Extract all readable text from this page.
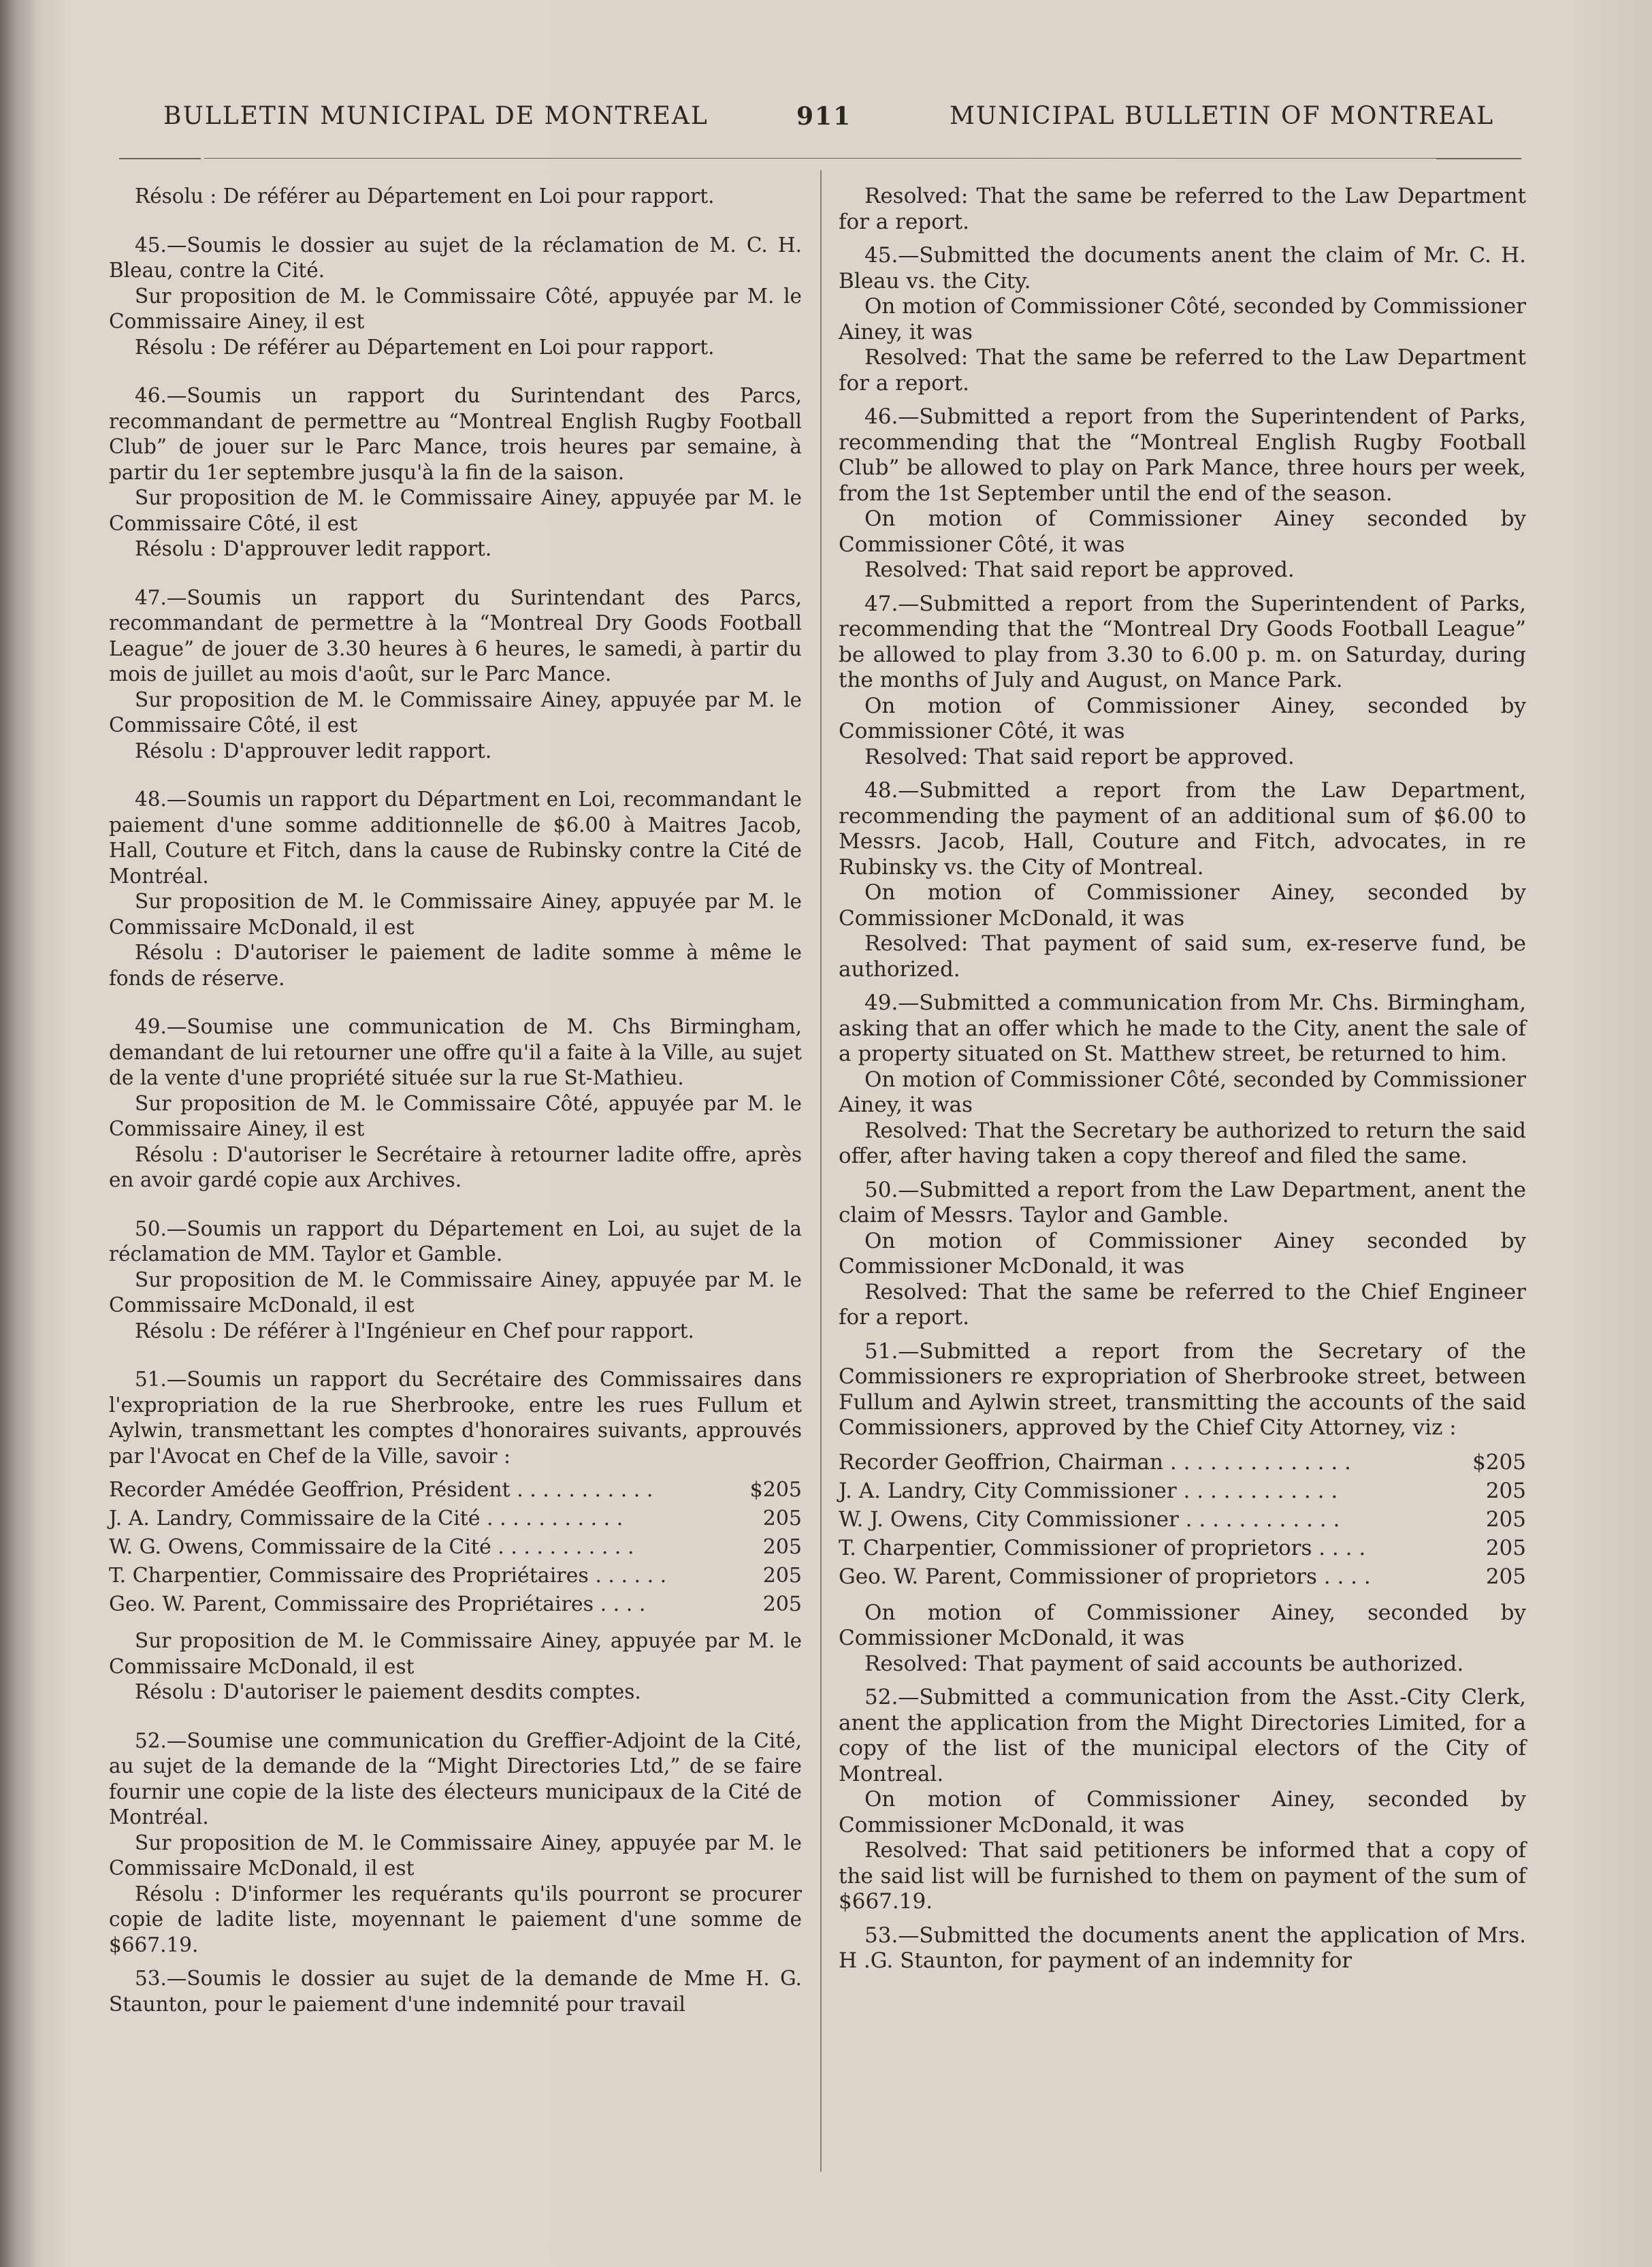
BULLETIN MUNICIPAL DE MONTREAL	911	MUNICIPAL BULLETIN OF MONTREAL

Résolu : De référer au Département en Loi pour rapport.

45.—Soumis le dossier au sujet de la réclamation de M. C. H. Bleau, contre la Cité.

Sur proposition de M. le Commissaire Côté, appuyée par M. le Commissaire Ainey, il est

Résolu : De référer au Département en Loi pour rapport.

46.—Soumis un rapport du Surintendant des Parcs, recommandant de permettre au “Montreal English Rugby Football Club” de jouer sur le Parc Mance, trois heures par semaine, à partir du 1er septembre jusqu'à la fin de la saison.

Sur proposition de M. le Commissaire Ainey, appuyée par M. le Commissaire Côté, il est

Résolu : D'approuver ledit rapport.

47.—Soumis un rapport du Surintendant des Parcs, recommandant de permettre à la “Montreal Dry Goods Football League” de jouer de 3.30 heures à 6 heures, le samedi, à partir du mois de juillet au mois d'août, sur le Parc Mance.

Sur proposition de M. le Commissaire Ainey, appuyée par M. le Commissaire Côté, il est

Résolu : D'approuver ledit rapport.

48.—Soumis un rapport du Départment en Loi, recommandant le paiement d'une somme additionnelle de $6.00 à Maitres Jacob, Hall, Couture et Fitch, dans la cause de Rubinsky contre la Cité de Montréal.

Sur proposition de M. le Commissaire Ainey, appuyée par M. le Commissaire McDonald, il est

Résolu : D'autoriser le paiement de ladite somme à même le fonds de réserve.

49.—Soumise une communication de M. Chs Birmingham, demandant de lui retourner une offre qu'il a faite à la Ville, au sujet de la vente d'une propriété située sur la rue St-Mathieu.

Sur proposition de M. le Commissaire Côté, appuyée par M. le Commissaire Ainey, il est

Résolu : D'autoriser le Secrétaire à retourner ladite offre, après en avoir gardé copie aux Archives.

50.—Soumis un rapport du Département en Loi, au sujet de la réclamation de MM. Taylor et Gamble.

Sur proposition de M. le Commissaire Ainey, appuyée par M. le Commissaire McDonald, il est

Résolu : De référer à l'Ingénieur en Chef pour rapport.

51.—Soumis un rapport du Secrétaire des Commissaires dans l'expropriation de la rue Sherbrooke, entre les rues Fullum et Aylwin, transmettant les comptes d'honoraires suivants, approuvés par l'Avocat en Chef de la Ville, savoir :

Recorder Amédée Geoffrion, Président . . . . . . . . . . .	$205
J. A. Landry, Commissaire de la Cité . . . . . . . . . . .	205
W. G. Owens, Commissaire de la Cité . . . . . . . . . . .	205
T. Charpentier, Commissaire des Propriétaires . . . . . .	205
Geo. W. Parent, Commissaire des Propriétaires . . . .	205

Sur proposition de M. le Commissaire Ainey, appuyée par M. le Commissaire McDonald, il est

Résolu : D'autoriser le paiement desdits comptes.

52.—Soumise une communication du Greffier-Adjoint de la Cité, au sujet de la demande de la “Might Directories Ltd,” de se faire fournir une copie de la liste des électeurs municipaux de la Cité de Montréal.

Sur proposition de M. le Commissaire Ainey, appuyée par M. le Commissaire McDonald, il est

Résolu : D'informer les requérants qu'ils pourront se procurer copie de ladite liste, moyennant le paiement d'une somme de $667.19.

53.—Soumis le dossier au sujet de la demande de Mme H. G. Staunton, pour le paiement d'une indemnité pour travail

Resolved: That the same be referred to the Law Department for a report.

45.—Submitted the documents anent the claim of Mr. C. H. Bleau vs. the City.

On motion of Commissioner Côté, seconded by Commissioner Ainey, it was

Resolved: That the same be referred to the Law Department for a report.

46.—Submitted a report from the Superintendent of Parks, recommending that the “Montreal English Rugby Football Club” be allowed to play on Park Mance, three hours per week, from the 1st September until the end of the season.

On motion of Commissioner Ainey seconded by Commissioner Côté, it was

Resolved: That said report be approved.

47.—Submitted a report from the Superintendent of Parks, recommending that the “Montreal Dry Goods Football League” be allowed to play from 3.30 to 6.00 p. m. on Saturday, during the months of July and August, on Mance Park.

On motion of Commissioner Ainey, seconded by Commissioner Côté, it was

Resolved: That said report be approved.

48.—Submitted a report from the Law Department, recommending the payment of an additional sum of $6.00 to Messrs. Jacob, Hall, Couture and Fitch, advocates, in re Rubinsky vs. the City of Montreal.

On motion of Commissioner Ainey, seconded by Commissioner McDonald, it was

Resolved: That payment of said sum, ex-reserve fund, be authorized.

49.—Submitted a communication from Mr. Chs. Birmingham, asking that an offer which he made to the City, anent the sale of a property situated on St. Matthew street, be returned to him.

On motion of Commissioner Côté, seconded by Commissioner Ainey, it was

Resolved: That the Secretary be authorized to return the said offer, after having taken a copy thereof and filed the same.

50.—Submitted a report from the Law Department, anent the claim of Messrs. Taylor and Gamble.

On motion of Commissioner Ainey seconded by Commissioner McDonald, it was

Resolved: That the same be referred to the Chief Engineer for a report.

51.—Submitted a report from the Secretary of the Commissioners re expropriation of Sherbrooke street, between Fullum and Aylwin street, transmitting the accounts of the said Commissioners, approved by the Chief City Attorney, viz :

Recorder Geoffrion, Chairman . . . . . . . . . . . . . .	$205
J. A. Landry, City Commissioner . . . . . . . . . . . .	205
W. J. Owens, City Commissioner . . . . . . . . . . . .	205
T. Charpentier, Commissioner of proprietors . . . .	205
Geo. W. Parent, Commissioner of proprietors . . . .	205

On motion of Commissioner Ainey, seconded by Commissioner McDonald, it was

Resolved: That payment of said accounts be authorized.

52.—Submitted a communication from the Asst.-City Clerk, anent the application from the Might Directories Limited, for a copy of the list of the municipal electors of the City of Montreal.

On motion of Commissioner Ainey, seconded by Commissioner McDonald, it was

Resolved: That said petitioners be informed that a copy of the said list will be furnished to them on payment of the sum of $667.19.

53.—Submitted the documents anent the application of Mrs. H .G. Staunton, for payment of an indemnity for
